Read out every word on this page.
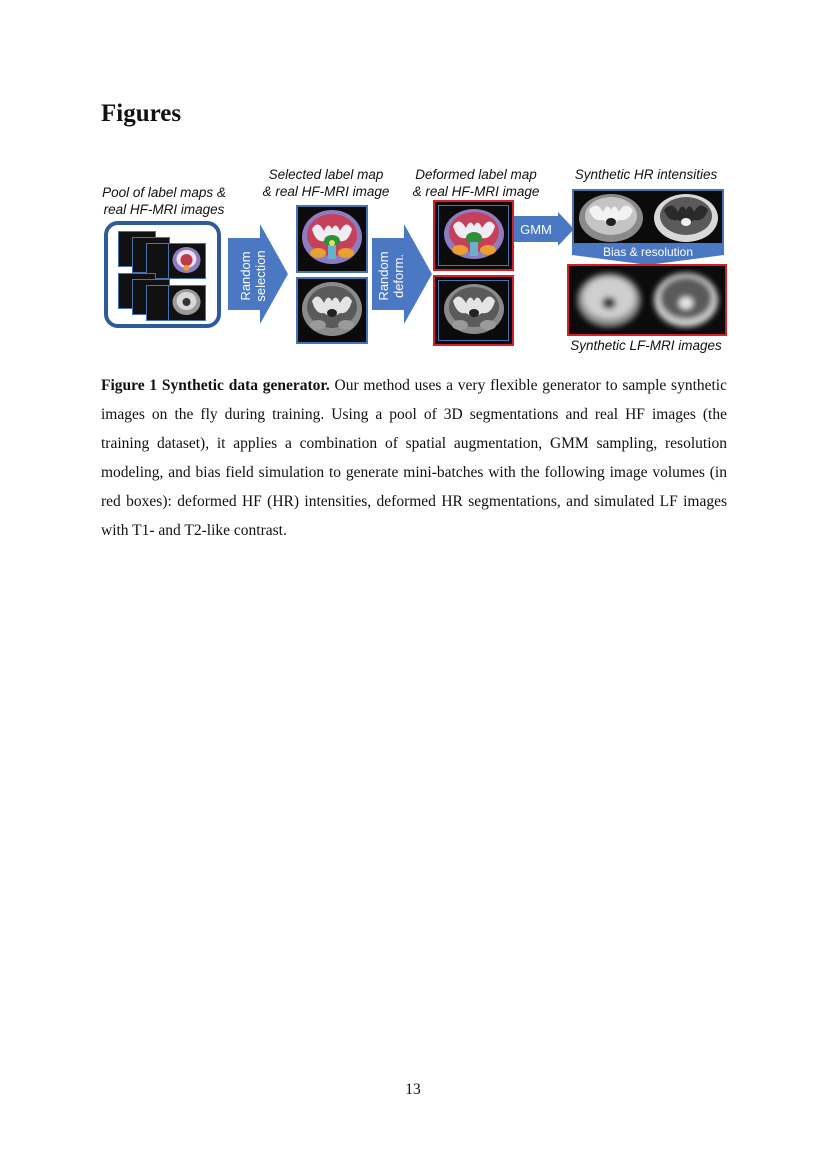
Figures
Pool of label maps &
real HF-MRI images
Selected label map
& real HF-MRI image
Deformed label map
& real HF-MRI image
Synthetic HR intensities
Synthetic LF-MRI images
Random selection	Random deform.
GMM
Bias & resolution
Figure 1 Synthetic data generator. Our method uses a very flexible generator to sample synthetic images on the fly during training. Using a pool of 3D segmentations and real HF images (the training dataset), it applies a combination of spatial augmentation, GMM sampling, resolution modeling, and bias field simulation to generate mini-batches with the following image volumes (in red boxes): deformed HF (HR) intensities, deformed HR segmentations, and simulated LF images with T1- and T2-like contrast.
13
